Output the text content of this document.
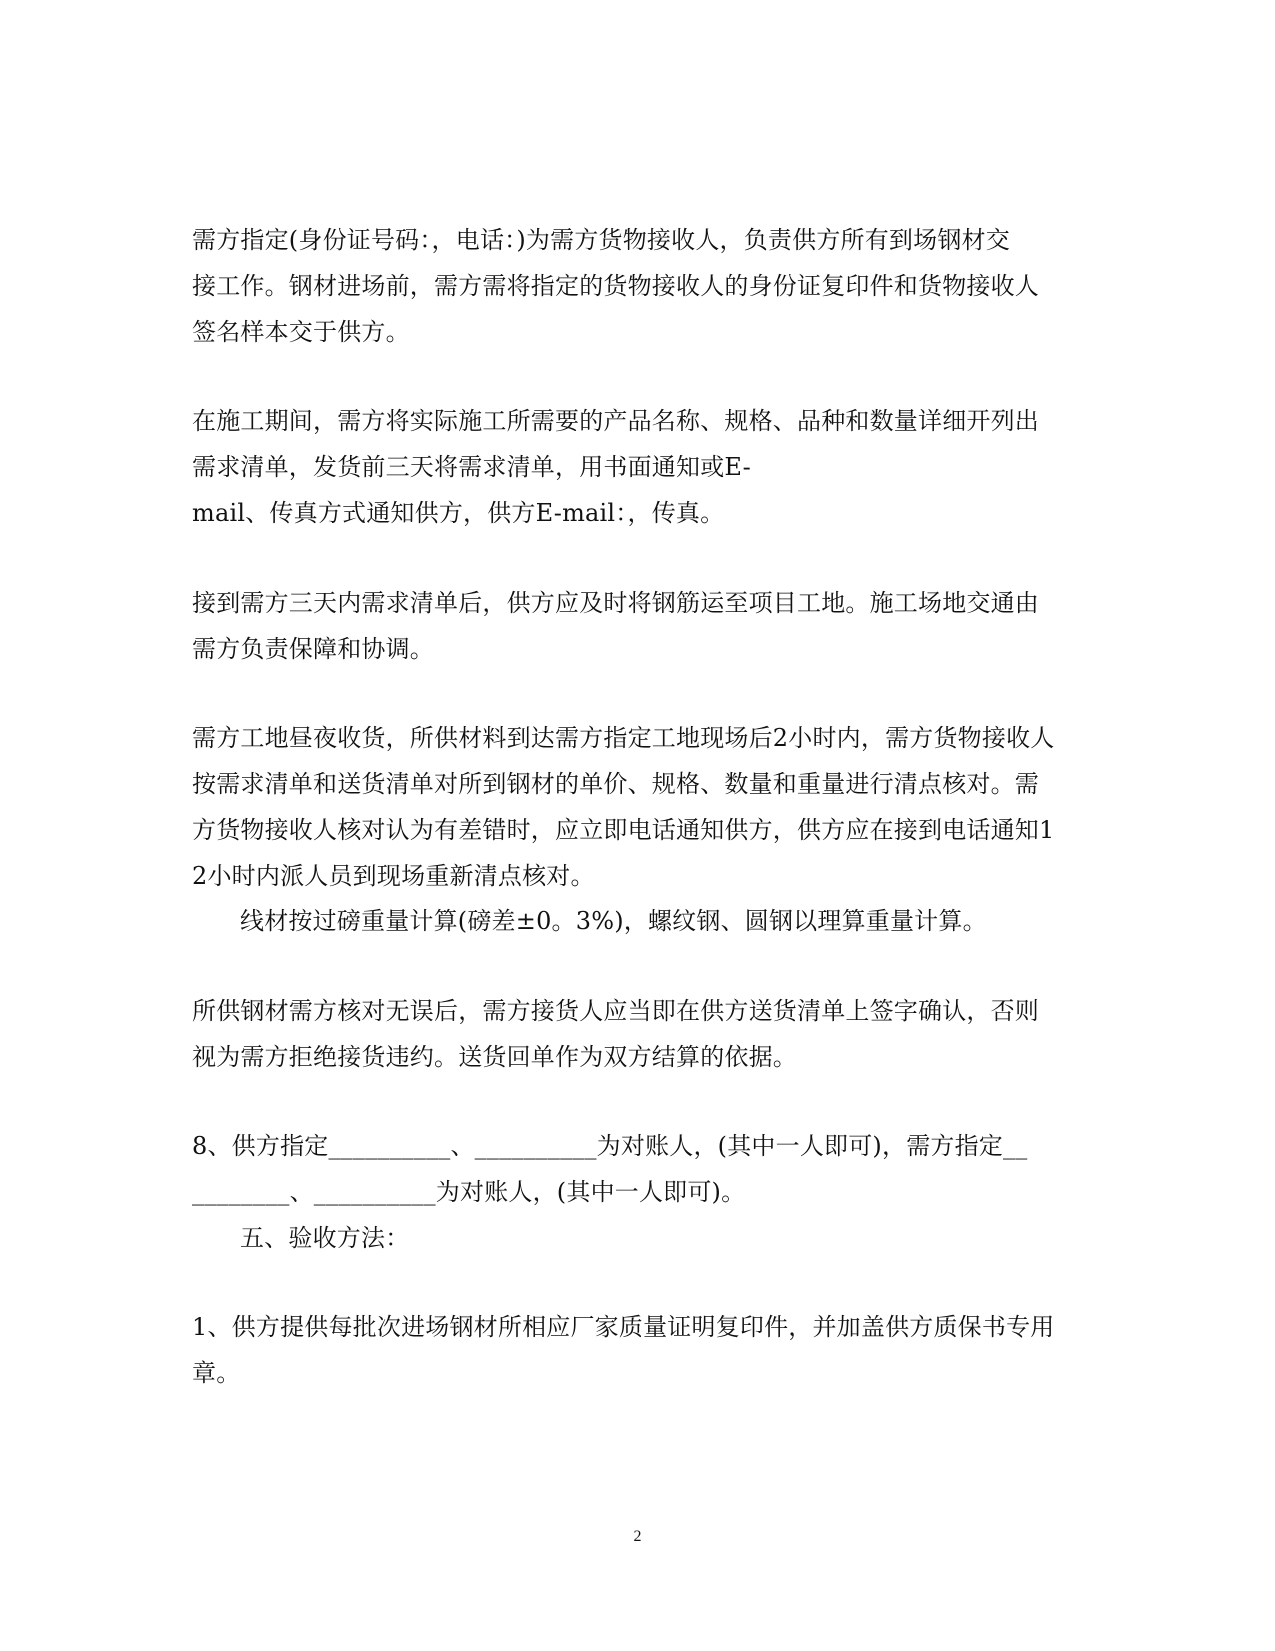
需方指定(身份证号码：，电话：)为需方货物接收人，负责供方所有到场钢材交
接工作。钢材进场前，需方需将指定的货物接收人的身份证复印件和货物接收人
签名样本交于供方。
在施工期间，需方将实际施工所需要的产品名称、规格、品种和数量详细开列出
需求清单，发货前三天将需求清单，用书面通知或E-
mail、传真方式通知供方，供方E-mail：，传真。
接到需方三天内需求清单后，供方应及时将钢筋运至项目工地。施工场地交通由
需方负责保障和协调。
需方工地昼夜收货，所供材料到达需方指定工地现场后2小时内，需方货物接收人
按需求清单和送货清单对所到钢材的单价、规格、数量和重量进行清点核对。需
方货物接收人核对认为有差错时，应立即电话通知供方，供方应在接到电话通知1
2小时内派人员到现场重新清点核对。
线材按过磅重量计算(磅差±0。3%)，螺纹钢、圆钢以理算重量计算。
所供钢材需方核对无误后，需方接货人应当即在供方送货清单上签字确认，否则
视为需方拒绝接货违约。送货回单作为双方结算的依据。
8、供方指定__________、__________为对账人，(其中一人即可)，需方指定__
________、__________为对账人，(其中一人即可)。
五、验收方法：
1、供方提供每批次进场钢材所相应厂家质量证明复印件，并加盖供方质保书专用
章。
2
